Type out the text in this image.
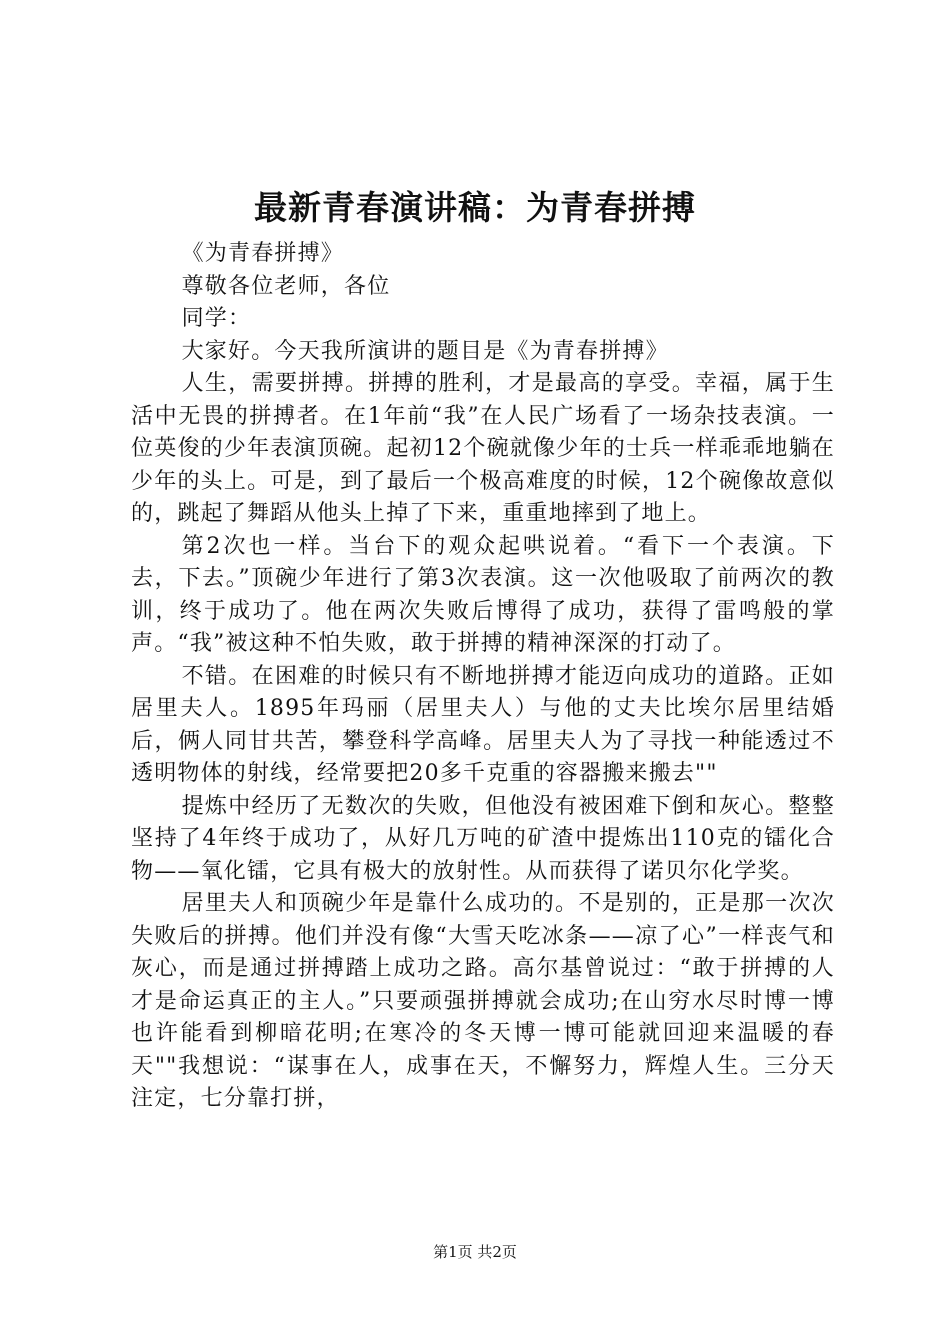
最新青春演讲稿：为青春拼搏

《为青春拼搏》

尊敬各位老师，各位

同学：

大家好。今天我所演讲的题目是《为青春拼搏》

人生，需要拼搏。拼搏的胜利，才是最高的享受。幸福，属于生活中无畏的拼搏者。在1年前“我”在人民广场看了一场杂技表演。一位英俊的少年表演顶碗。起初12个碗就像少年的士兵一样乖乖地躺在少年的头上。可是，到了最后一个极高难度的时候，12个碗像故意似的，跳起了舞蹈从他头上掉了下来，重重地摔到了地上。

第2次也一样。当台下的观众起哄说着。“看下一个表演。下去，下去。”顶碗少年进行了第3次表演。这一次他吸取了前两次的教训，终于成功了。他在两次失败后博得了成功，获得了雷鸣般的掌声。“我”被这种不怕失败，敢于拼搏的精神深深的打动了。

不错。在困难的时候只有不断地拼搏才能迈向成功的道路。正如居里夫人。1895年玛丽（居里夫人）与他的丈夫比埃尔居里结婚后，俩人同甘共苦，攀登科学高峰。居里夫人为了寻找一种能透过不透明物体的射线，经常要把20多千克重的容器搬来搬去""

提炼中经历了无数次的失败，但他没有被困难下倒和灰心。整整坚持了4年终于成功了，从好几万吨的矿渣中提炼出110克的镭化合物——氧化镭，它具有极大的放射性。从而获得了诺贝尔化学奖。

居里夫人和顶碗少年是靠什么成功的。不是别的，正是那一次次失败后的拼搏。他们并没有像“大雪天吃冰条——凉了心”一样丧气和灰心，而是通过拼搏踏上成功之路。高尔基曾说过：“敢于拼搏的人才是命运真正的主人。”只要顽强拼搏就会成功;在山穷水尽时博一博也许能看到柳暗花明;在寒冷的冬天博一博可能就回迎来温暖的春天""我想说：“谋事在人，成事在天，不懈努力，辉煌人生。三分天注定，七分靠打拼，

第1页 共2页
